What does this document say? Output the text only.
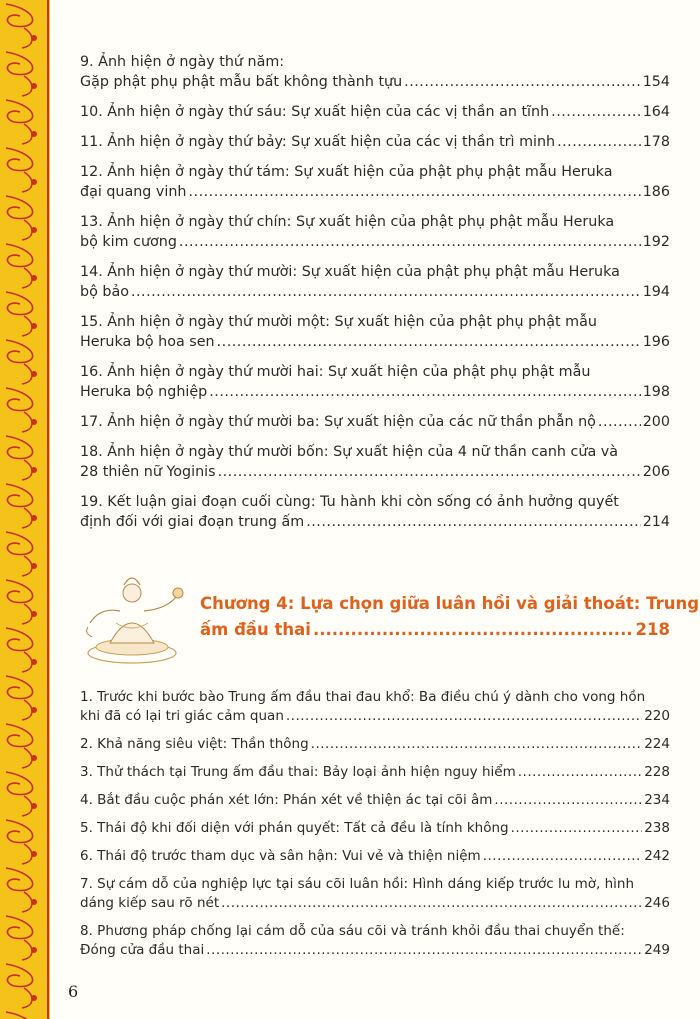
9. Ảnh hiện ở ngày thứ năm:
Gặp phật phụ phật mẫu bất không thành tựu .....	154
10. Ảnh hiện ở ngày thứ sáu: Sự xuất hiện của các vị thần an tĩnh .....	164
11. Ảnh hiện ở ngày thứ bảy: Sự xuất hiện của các vị thần trì minh .....	178
12. Ảnh hiện ở ngày thứ tám: Sự xuất hiện của phật phụ phật mẫu Heruka
đại quang vinh .....	186
13. Ảnh hiện ở ngày thứ chín: Sự xuất hiện của phật phụ phật mẫu Heruka
bộ kim cương .....	192
14. Ảnh hiện ở ngày thứ mười: Sự xuất hiện của phật phụ phật mẫu Heruka
bộ bảo .....	194
15. Ảnh hiện ở ngày thứ mười một: Sự xuất hiện của phật phụ phật mẫu
Heruka bộ hoa sen .....	196
16. Ảnh hiện ở ngày thứ mười hai: Sự xuất hiện của phật phụ phật mẫu
Heruka bộ nghiệp .....	198
17. Ảnh hiện ở ngày thứ mười ba: Sự xuất hiện của các nữ thần phẫn nộ .....	200
18. Ảnh hiện ở ngày thứ mười bốn: Sự xuất hiện của 4 nữ thần canh cửa và
28 thiên nữ Yoginis .....	206
19. Kết luận giai đoạn cuối cùng: Tu hành khi còn sống có ảnh hưởng quyết
định đối với giai đoạn trung ấm .....	214
Chương 4: Lựa chọn giữa luân hồi và giải thoát: Trung
ấm đầu thai .....	218
1. Trước khi bước bào Trung ấm đầu thai đau khổ: Ba điều chú ý dành cho vong hồn
khi đã có lại tri giác cảm quan .....	220
2. Khả năng siêu việt: Thần thông .....	224
3. Thử thách tại Trung ấm đầu thai: Bảy loại ảnh hiện nguy hiểm .....	228
4. Bắt đầu cuộc phán xét lớn: Phán xét về thiện ác tại cõi âm .....	234
5. Thái độ khi đối diện với phán quyết: Tất cả đều là tính không .....	238
6. Thái độ trước tham dục và sân hận: Vui vẻ và thiện niệm .....	242
7. Sự cám dỗ của nghiệp lực tại sáu cõi luân hồi: Hình dáng kiếp trước lu mờ, hình
dáng kiếp sau rõ nét .....	246
8. Phương pháp chống lại cám dỗ của sáu cõi và tránh khỏi đầu thai chuyển thế:
Đóng cửa đầu thai .....	249
6
